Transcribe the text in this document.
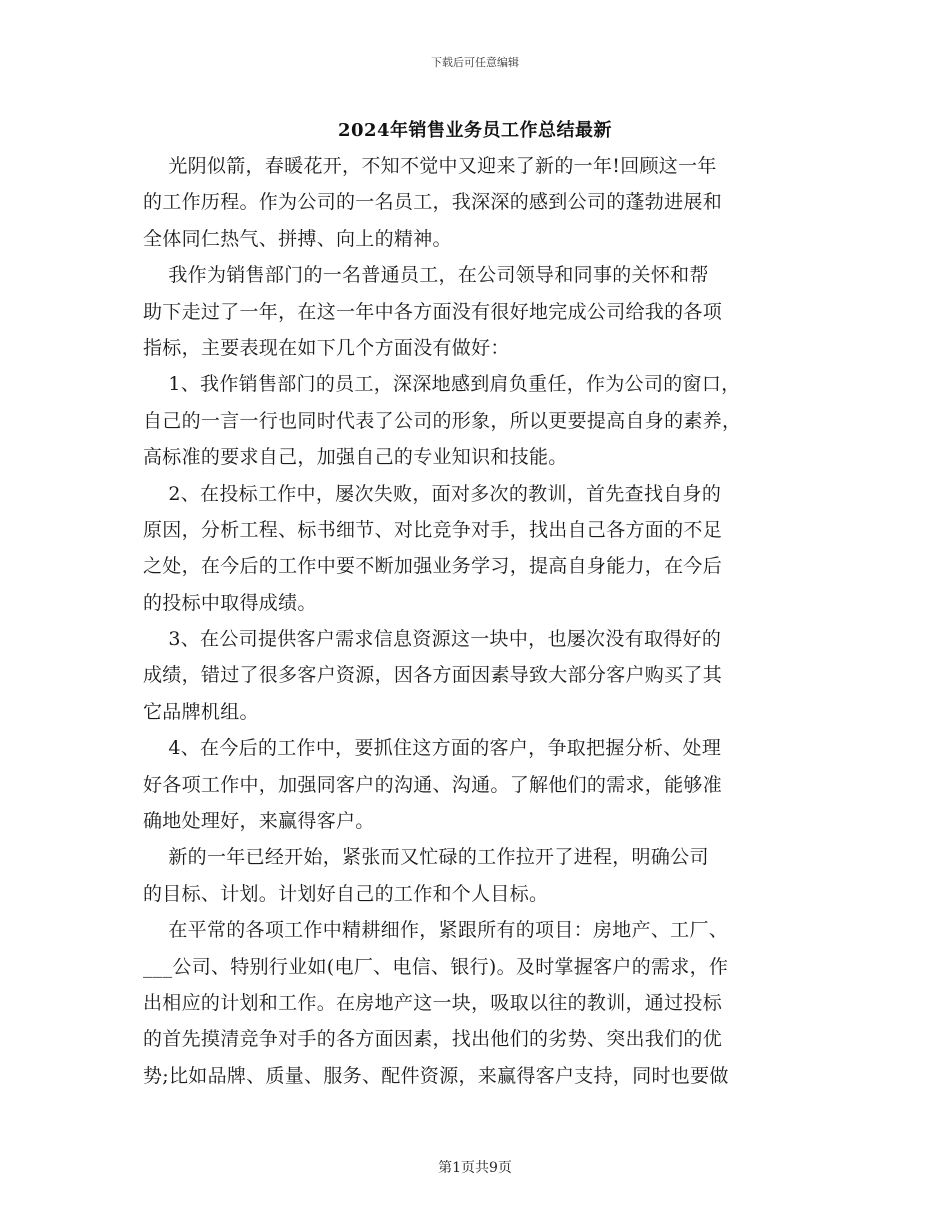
下载后可任意编辑
2024年销售业务员工作总结最新
光阴似箭，春暖花开，不知不觉中又迎来了新的一年!回顾这一年
的工作历程。作为公司的一名员工，我深深的感到公司的蓬勃进展和
全体同仁热气、拼搏、向上的精神。
我作为销售部门的一名普通员工，在公司领导和同事的关怀和帮
助下走过了一年，在这一年中各方面没有很好地完成公司给我的各项
指标，主要表现在如下几个方面没有做好：
1、我作销售部门的员工，深深地感到肩负重任，作为公司的窗口，
自己的一言一行也同时代表了公司的形象，所以更要提高自身的素养，
高标准的要求自己，加强自己的专业知识和技能。
2、在投标工作中，屡次失败，面对多次的教训，首先查找自身的
原因，分析工程、标书细节、对比竞争对手，找出自己各方面的不足
之处，在今后的工作中要不断加强业务学习，提高自身能力，在今后
的投标中取得成绩。
3、在公司提供客户需求信息资源这一块中，也屡次没有取得好的
成绩，错过了很多客户资源，因各方面因素导致大部分客户购买了其
它品牌机组。
4、在今后的工作中，要抓住这方面的客户，争取把握分析、处理
好各项工作中，加强同客户的沟通、沟通。了解他们的需求，能够准
确地处理好，来赢得客户。
新的一年已经开始，紧张而又忙碌的工作拉开了进程，明确公司
的目标、计划。计划好自己的工作和个人目标。
在平常的各项工作中精耕细作，紧跟所有的项目：房地产、工厂、
___公司、特别行业如(电厂、电信、银行)。及时掌握客户的需求，作
出相应的计划和工作。在房地产这一块，吸取以往的教训，通过投标
的首先摸清竞争对手的各方面因素，找出他们的劣势、突出我们的优
势;比如品牌、质量、服务、配件资源，来赢得客户支持，同时也要做
第1页共9页
